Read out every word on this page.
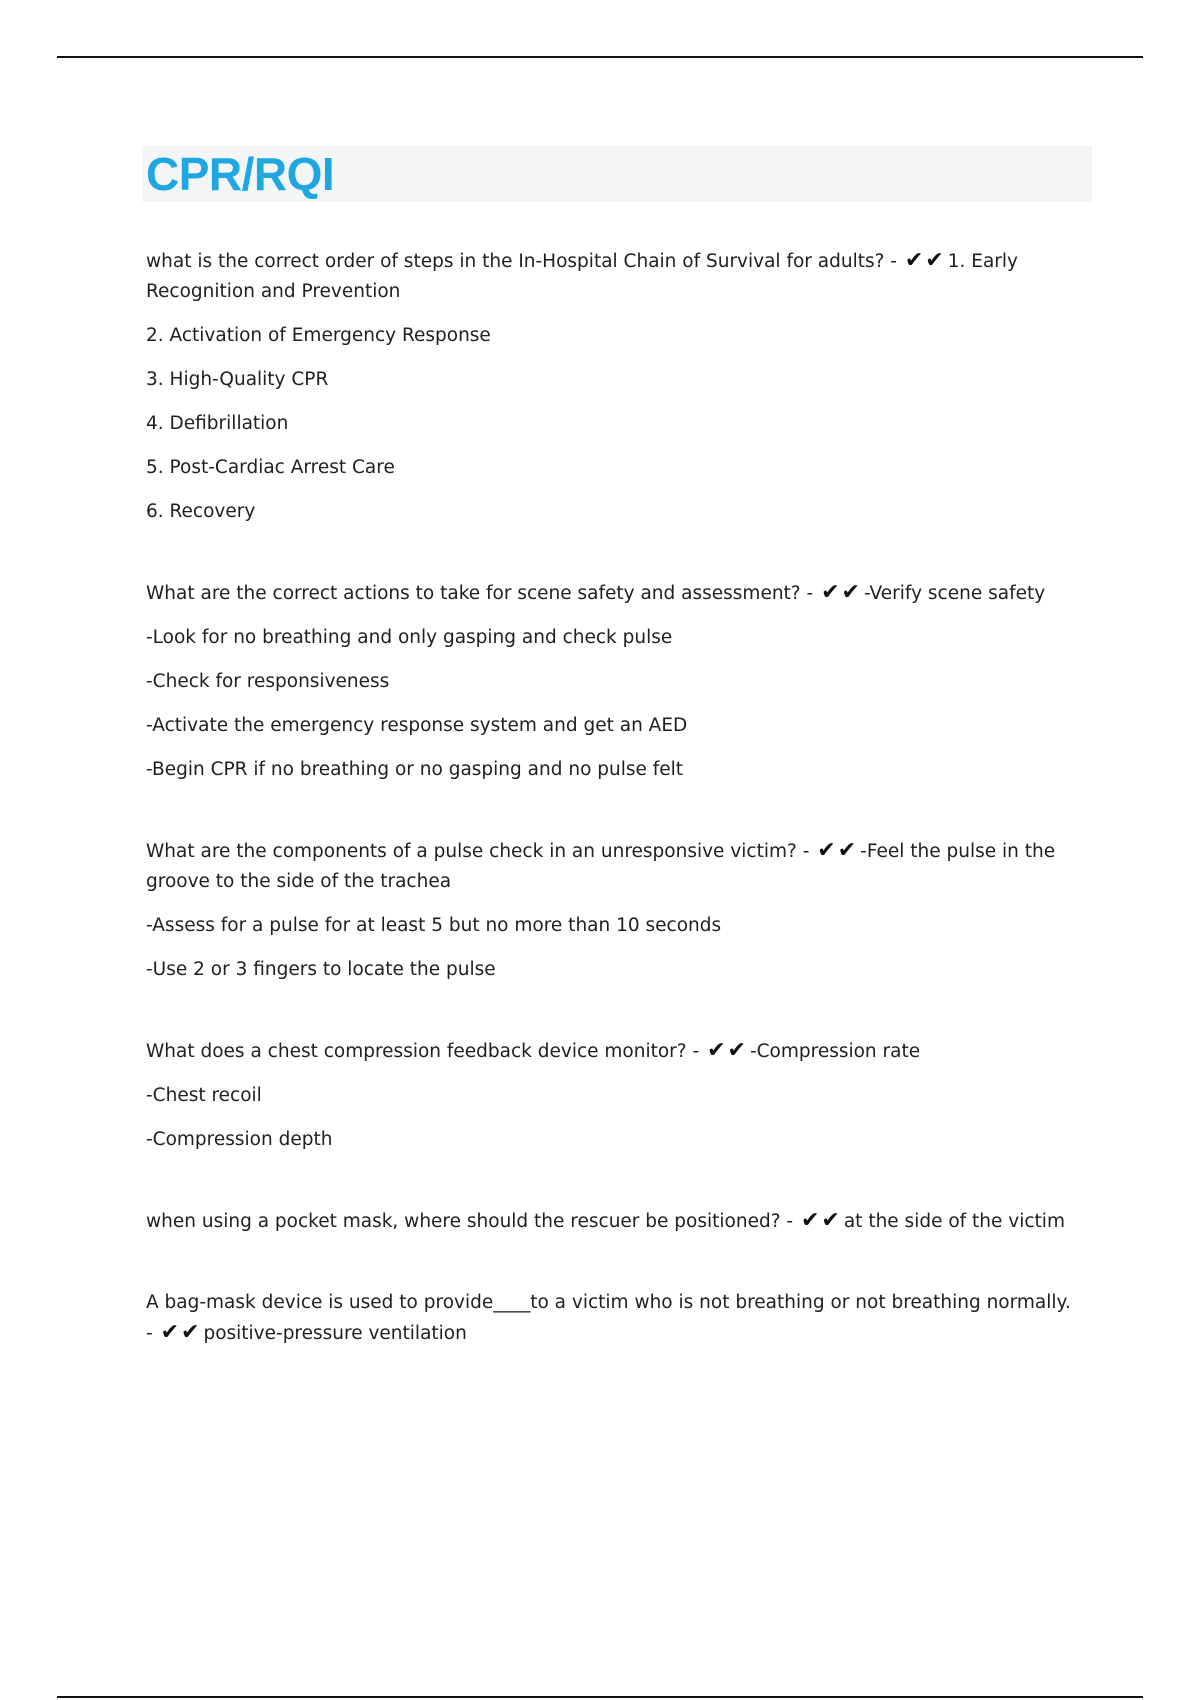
CPR/RQI

what is the correct order of steps in the In-Hospital Chain of Survival for adults? - ✔✔ 1. Early Recognition and Prevention

2. Activation of Emergency Response

3. High-Quality CPR

4. Defibrillation

5. Post-Cardiac Arrest Care

6. Recovery

What are the correct actions to take for scene safety and assessment? - ✔✔ -Verify scene safety

-Look for no breathing and only gasping and check pulse

-Check for responsiveness

-Activate the emergency response system and get an AED

-Begin CPR if no breathing or no gasping and no pulse felt

What are the components of a pulse check in an unresponsive victim? - ✔✔ -Feel the pulse in the groove to the side of the trachea

-Assess for a pulse for at least 5 but no more than 10 seconds

-Use 2 or 3 fingers to locate the pulse

What does a chest compression feedback device monitor? - ✔✔ -Compression rate

-Chest recoil

-Compression depth

when using a pocket mask, where should the rescuer be positioned? - ✔✔ at the side of the victim

A bag-mask device is used to provide____to a victim who is not breathing or not breathing normally. - ✔✔ positive-pressure ventilation
